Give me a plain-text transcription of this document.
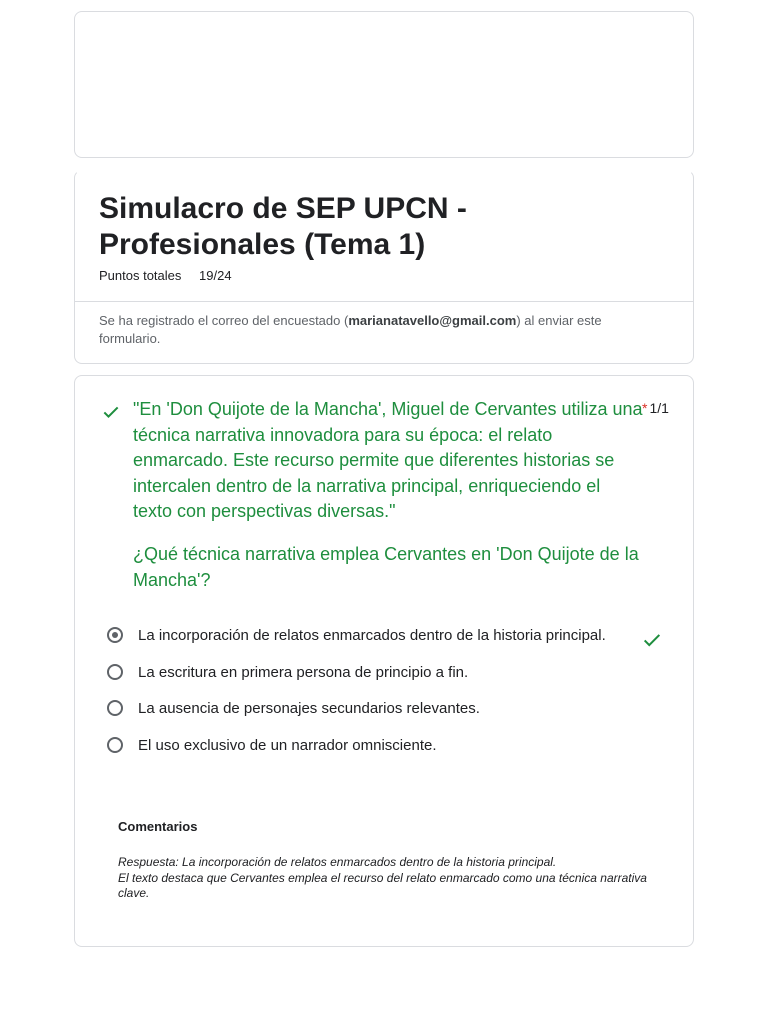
Simulacro de SEP UPCN -
Profesionales (Tema 1)
Puntos totales 19/24
Se ha registrado el correo del encuestado (marianatavello@gmail.com) al enviar este formulario.

"En 'Don Quijote de la Mancha', Miguel de Cervantes utiliza una técnica narrativa innovadora para su época: el relato enmarcado. Este recurso permite que diferentes historias se intercalen dentro de la narrativa principal, enriqueciendo el texto con perspectivas diversas."

¿Qué técnica narrativa emplea Cervantes en 'Don Quijote de la Mancha'?

* 1/1
La incorporación de relatos enmarcados dentro de la historia principal.
La escritura en primera persona de principio a fin.
La ausencia de personajes secundarios relevantes.
El uso exclusivo de un narrador omnisciente.
Comentarios
Respuesta: La incorporación de relatos enmarcados dentro de la historia principal.
El texto destaca que Cervantes emplea el recurso del relato enmarcado como una técnica narrativa clave.
